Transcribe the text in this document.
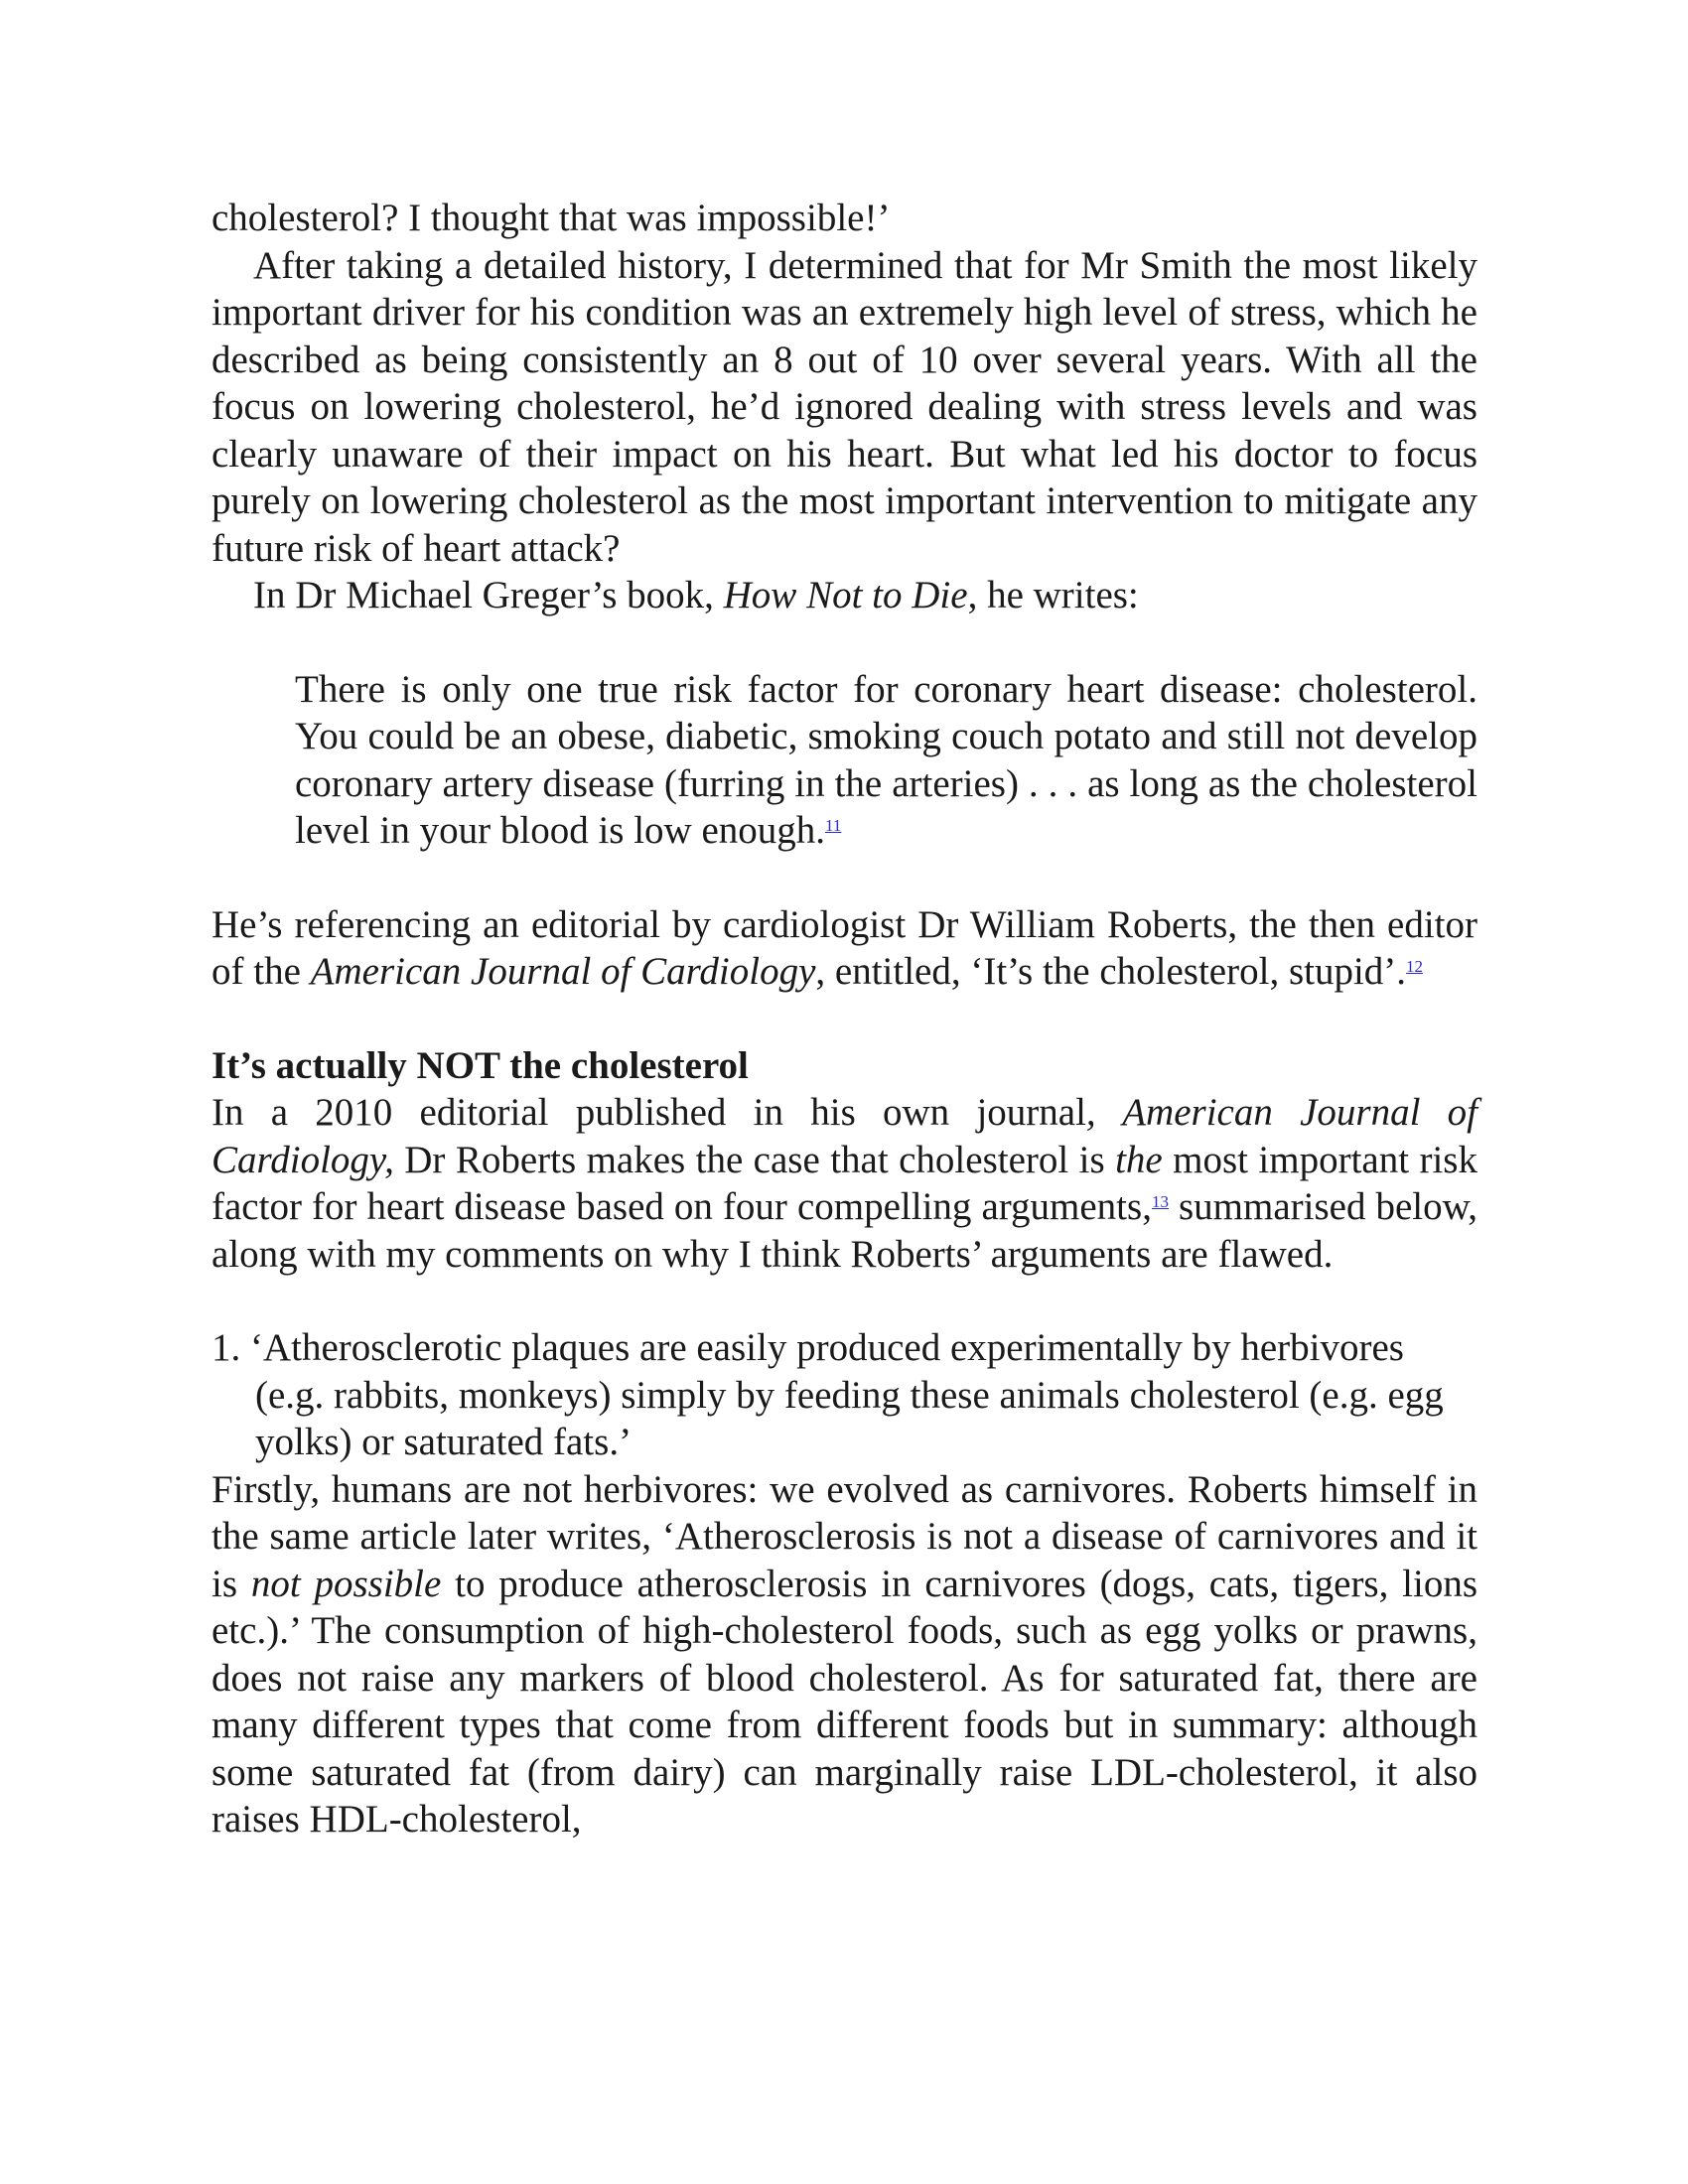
cholesterol? I thought that was impossible!’

After taking a detailed history, I determined that for Mr Smith the most likely important driver for his condition was an extremely high level of stress, which he described as being consistently an 8 out of 10 over several years. With all the focus on lowering cholesterol, he’d ignored dealing with stress levels and was clearly unaware of their impact on his heart. But what led his doctor to focus purely on lowering cholesterol as the most important intervention to mitigate any future risk of heart attack?

In Dr Michael Greger’s book, How Not to Die, he writes:

There is only one true risk factor for coronary heart disease: cholesterol. You could be an obese, diabetic, smoking couch potato and still not develop coronary artery disease (furring in the arteries) . . . as long as the cholesterol level in your blood is low enough.$^{11}$

He’s referencing an editorial by cardiologist Dr William Roberts, the then editor of the American Journal of Cardiology, entitled, ‘It’s the cholesterol, stupid’.$^{12}$

It’s actually NOT the cholesterol

In a 2010 editorial published in his own journal, American Journal of Cardiology, Dr Roberts makes the case that cholesterol is the most important risk factor for heart disease based on four compelling arguments,$^{13}$ summarised below, along with my comments on why I think Roberts’ arguments are flawed.

1. ‘Atherosclerotic plaques are easily produced experimentally by herbivores (e.g. rabbits, monkeys) simply by feeding these animals cholesterol (e.g. egg yolks) or saturated fats.’

Firstly, humans are not herbivores: we evolved as carnivores. Roberts himself in the same article later writes, ‘Atherosclerosis is not a disease of carnivores and it is not possible to produce atherosclerosis in carnivores (dogs, cats, tigers, lions etc.).’ The consumption of high-cholesterol foods, such as egg yolks or prawns, does not raise any markers of blood cholesterol. As for saturated fat, there are many different types that come from different foods but in summary: although some saturated fat (from dairy) can marginally raise LDL-cholesterol, it also raises HDL-cholesterol,
